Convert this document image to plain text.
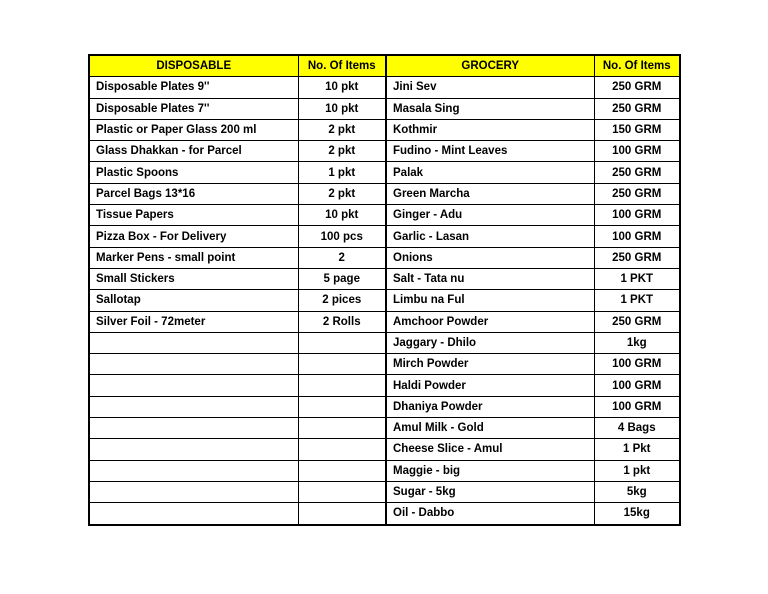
DISPOSABLE	No. Of Items	GROCERY	No. Of Items
Disposable Plates 9''	10 pkt	Jini Sev	250 GRM
Disposable Plates 7''	10 pkt	Masala Sing	250 GRM
Plastic or Paper Glass 200 ml	2 pkt	Kothmir	150 GRM
Glass Dhakkan - for Parcel	2 pkt	Fudino - Mint Leaves	100 GRM
Plastic Spoons	1 pkt	Palak	250 GRM
Parcel Bags 13*16	2 pkt	Green Marcha	250 GRM
Tissue Papers	10 pkt	Ginger - Adu	100 GRM
Pizza Box - For Delivery	100 pcs	Garlic - Lasan	100 GRM
Marker Pens - small point	2	Onions	250 GRM
Small Stickers	5 page	Salt - Tata nu	1 PKT
Sallotap	2 pices	Limbu na Ful	1 PKT
Silver Foil - 72meter	2 Rolls	Amchoor Powder	250 GRM
		Jaggary - Dhilo	1kg
		Mirch Powder	100 GRM
		Haldi Powder	100 GRM
		Dhaniya Powder	100 GRM
		Amul Milk - Gold	4 Bags
		Cheese Slice - Amul	1 Pkt
		Maggie - big	1 pkt
		Sugar - 5kg	5kg
		Oil - Dabbo	15kg
